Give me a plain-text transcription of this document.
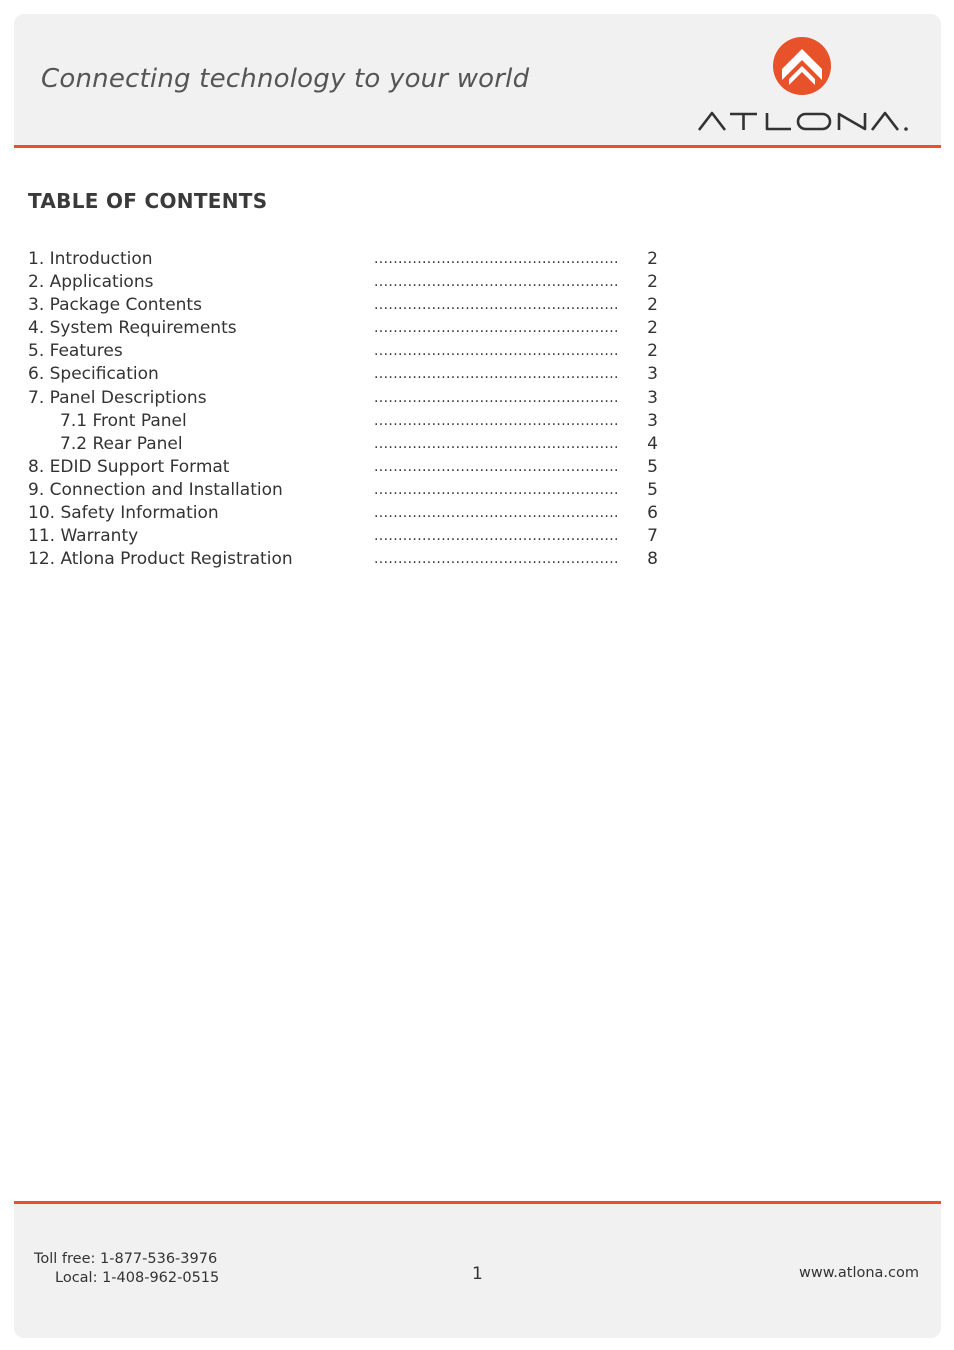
Connecting technology to your world
TABLE OF CONTENTS
1. Introduction	................................................... 2
2. Applications	................................................... 2
3. Package Contents	................................................... 2
4. System Requirements	................................................... 2
5. Features	................................................... 2
6. Specification	................................................... 3
7. Panel Descriptions	................................................... 3
7.1 Front Panel	................................................... 3
7.2 Rear Panel	................................................... 4
8. EDID Support Format	................................................... 5
9. Connection and Installation	................................................... 5
10. Safety Information	................................................... 6
11. Warranty	................................................... 7
12. Atlona Product Registration	................................................... 8
Toll free: 1-877-536-3976
Local: 1-408-962-0515	1	www.atlona.com
